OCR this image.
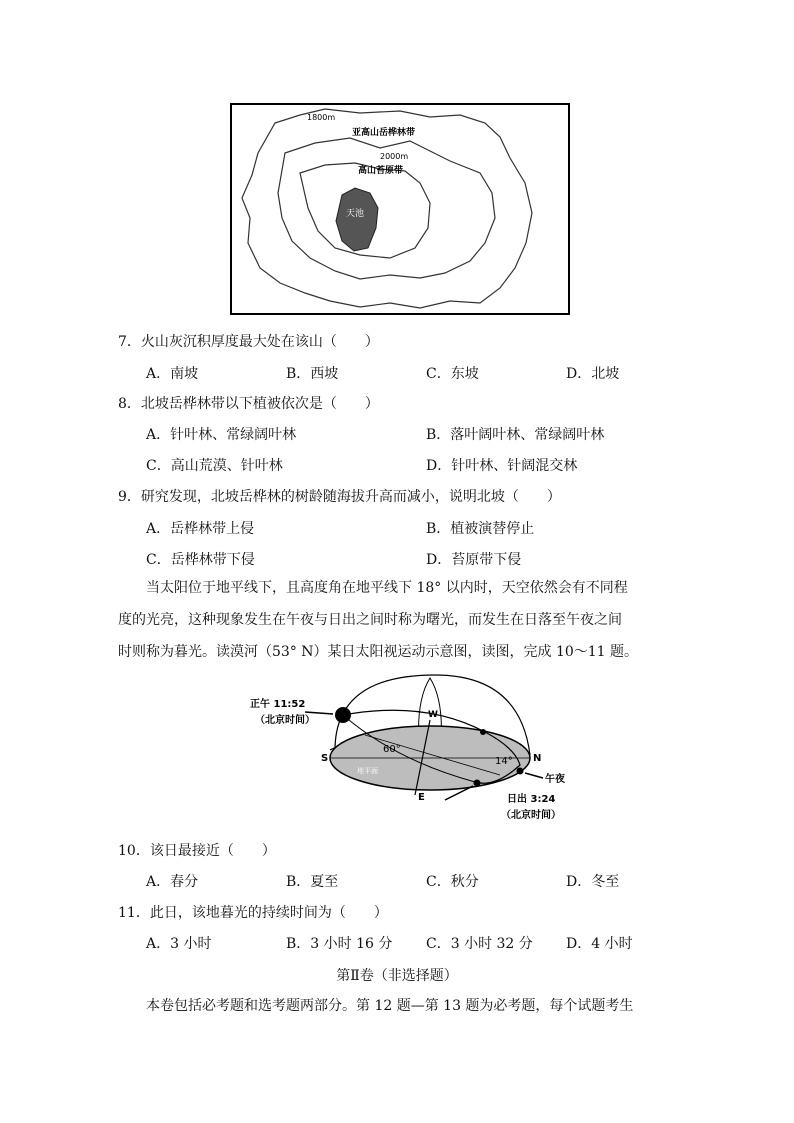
1800m
亚高山岳桦林带
2000m
高山苔原带
天池
7．火山灰沉积厚度最大处在该山（　　）
A．南坡	B．西坡	C．东坡	D．北坡
8．北坡岳桦林带以下植被依次是（　　）
A．针叶林、常绿阔叶林	B．落叶阔叶林、常绿阔叶林
C．高山荒漠、针叶林	D．针叶林、针阔混交林
9．研究发现，北坡岳桦林的树龄随海拔升高而减小，说明北坡（　　）
A．岳桦林带上侵	B．植被演替停止
C．岳桦林带下侵	D．苔原带下侵
当太阳位于地平线下，且高度角在地平线下 18° 以内时，天空依然会有不同程
度的光亮，这种现象发生在午夜与日出之间时称为曙光，而发生在日落至午夜之间
时则称为暮光。读漠河（53° N）某日太阳视运动示意图，读图，完成 10～11 题。
正午 11:52
（北京时间）	W
S	N
E
60°
14°
地平面
午夜
日出 3:24
（北京时间）
10．该日最接近（　　）
A．春分	B．夏至	C．秋分	D．冬至
11．此日，该地暮光的持续时间为（　　）
A．3 小时	B．3 小时 16 分 C．3 小时 32 分 D．4 小时
第Ⅱ卷（非选择题）
本卷包括必考题和选考题两部分。第 12 题—第 13 题为必考题，每个试题考生
